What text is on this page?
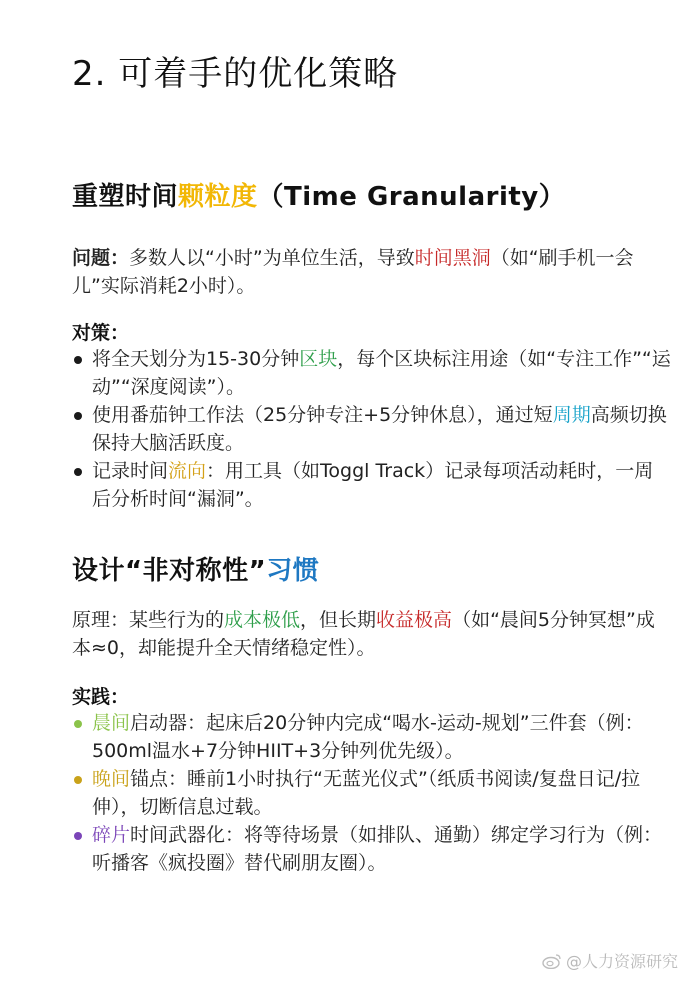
2. 可着手的优化策略
重塑时间颗粒度（Time Granularity）
问题：多数人以“小时”为单位生活，导致时间黑洞（如“刷手机一会儿”实际消耗2小时）。
对策：
将全天划分为15-30分钟区块，每个区块标注用途（如“专注工作”“运动”“深度阅读”）。
使用番茄钟工作法（25分钟专注+5分钟休息），通过短周期高频切换保持大脑活跃度。
记录时间流向：用工具（如Toggl Track）记录每项活动耗时，一周后分析时间“漏洞”。
设计“非对称性”习惯
原理：某些行为的成本极低，但长期收益极高（如“晨间5分钟冥想”成本≈0，却能提升全天情绪稳定性）。
实践：
晨间启动器：起床后20分钟内完成“喝水-运动-规划”三件套（例：500ml温水+7分钟HIIT+3分钟列优先级）。
晚间锚点：睡前1小时执行“无蓝光仪式”（纸质书阅读/复盘日记/拉伸），切断信息过载。
碎片时间武器化：将等待场景（如排队、通勤）绑定学习行为（例：听播客《疯投圈》替代刷朋友圈）。
@人力资源研究
